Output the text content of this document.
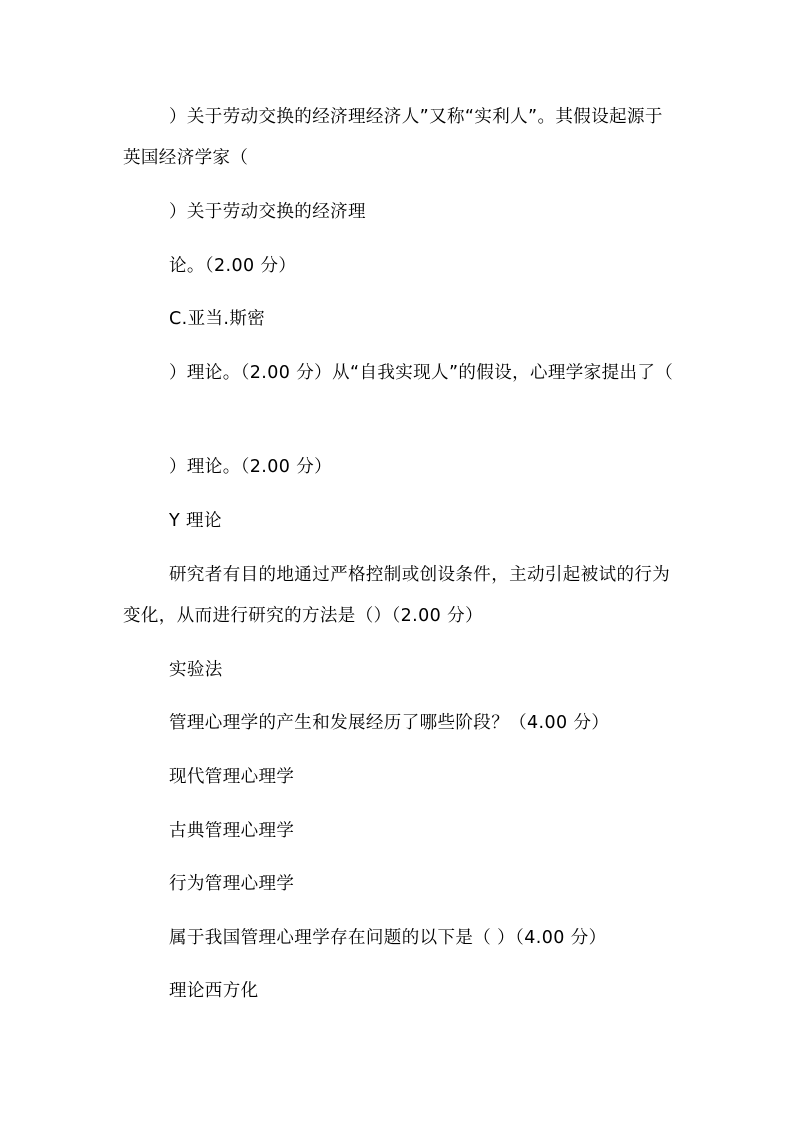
）关于劳动交换的经济理经济人”又称“实利人”。其假设起源于英国经济学家（

）关于劳动交换的经济理

论。（2.00 分）

C.亚当.斯密

）理论。（2.00 分）从“自我实现人”的假设，心理学家提出了（

）理论。（2.00 分）

Y 理论

研究者有目的地通过严格控制或创设条件，主动引起被试的行为变化，从而进行研究的方法是（）（2.00 分）

实验法

管理心理学的产生和发展经历了哪些阶段？（4.00 分）

现代管理心理学

古典管理心理学

行为管理心理学

属于我国管理心理学存在问题的以下是（ ）（4.00 分）

理论西方化
